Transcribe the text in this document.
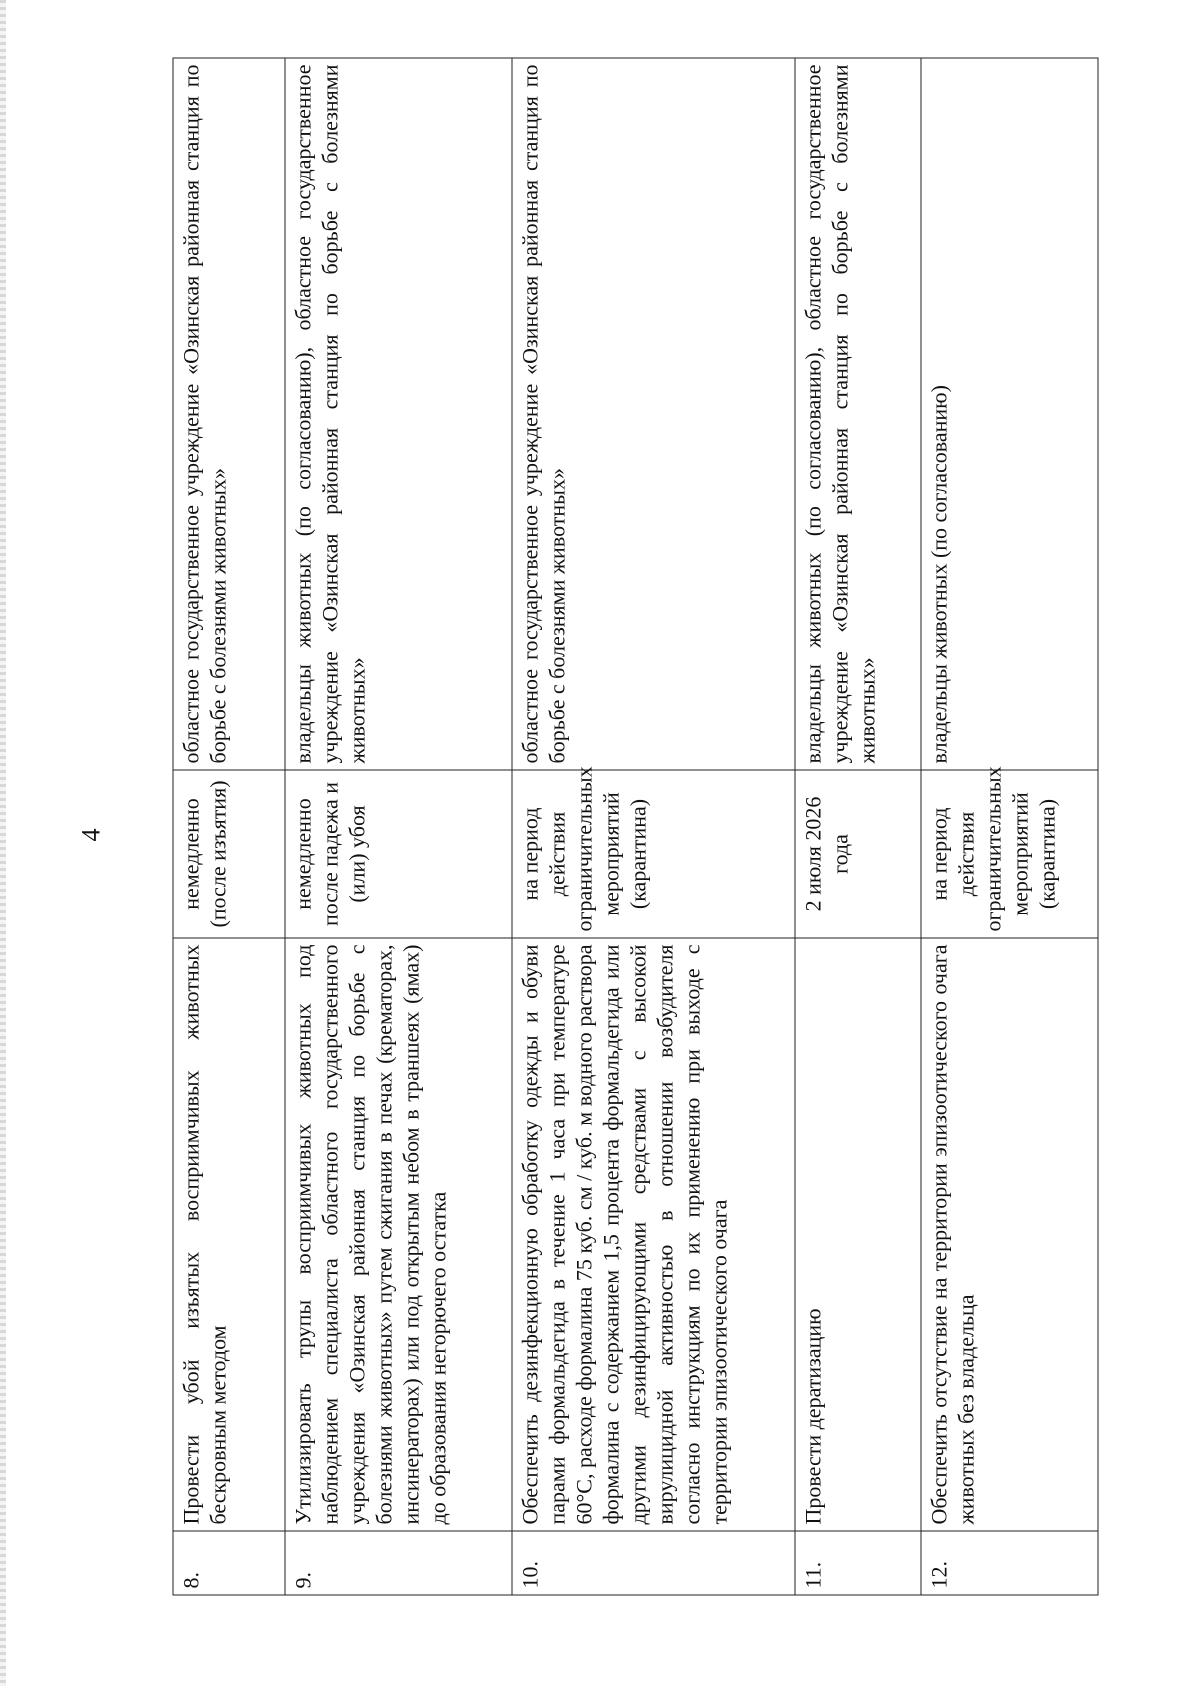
4
8.	Провести убой изъятых восприимчивых животных бескровным методом	немедленно (после изъятия)	областное государственное учреждение «Озинская районная станция по борьбе с болезнями животных»
9.	Утилизировать трупы восприимчивых животных под наблюдением специалиста областного государственного учреждения «Озинская районная станция по борьбе с болезнями животных» путем сжигания в печах (крематорах, инсинераторах) или под открытым небом в траншеях (ямах) до образования негорючего остатка	немедленно после падежа и (или) убоя	владельцы животных (по согласованию), областное государственное учреждение «Озинская районная станция по борьбе с болезнями животных»
10.	Обеспечить дезинфекционную обработку одежды и обуви парами формальдегида в течение 1 часа при температуре 60°С, расходе формалина 75 куб. см / куб. м водного раствора формалина с содержанием 1,5 процента формальдегида или другими дезинфицирующими средствами с высокой вирулицидной активностью в отношении возбудителя согласно инструкциям по их применению при выходе с территории эпизоотического очага	на период действия ограничительных мероприятий (карантина)	областное государственное учреждение «Озинская районная станция по борьбе с болезнями животных»
11.	Провести дератизацию	2 июля 2026 года	владельцы животных (по согласованию), областное государственное учреждение «Озинская районная станция по борьбе с болезнями животных»
12.	Обеспечить отсутствие на территории эпизоотического очага животных без владельца	на период действия ограничительных мероприятий (карантина)	владельцы животных (по согласованию)
